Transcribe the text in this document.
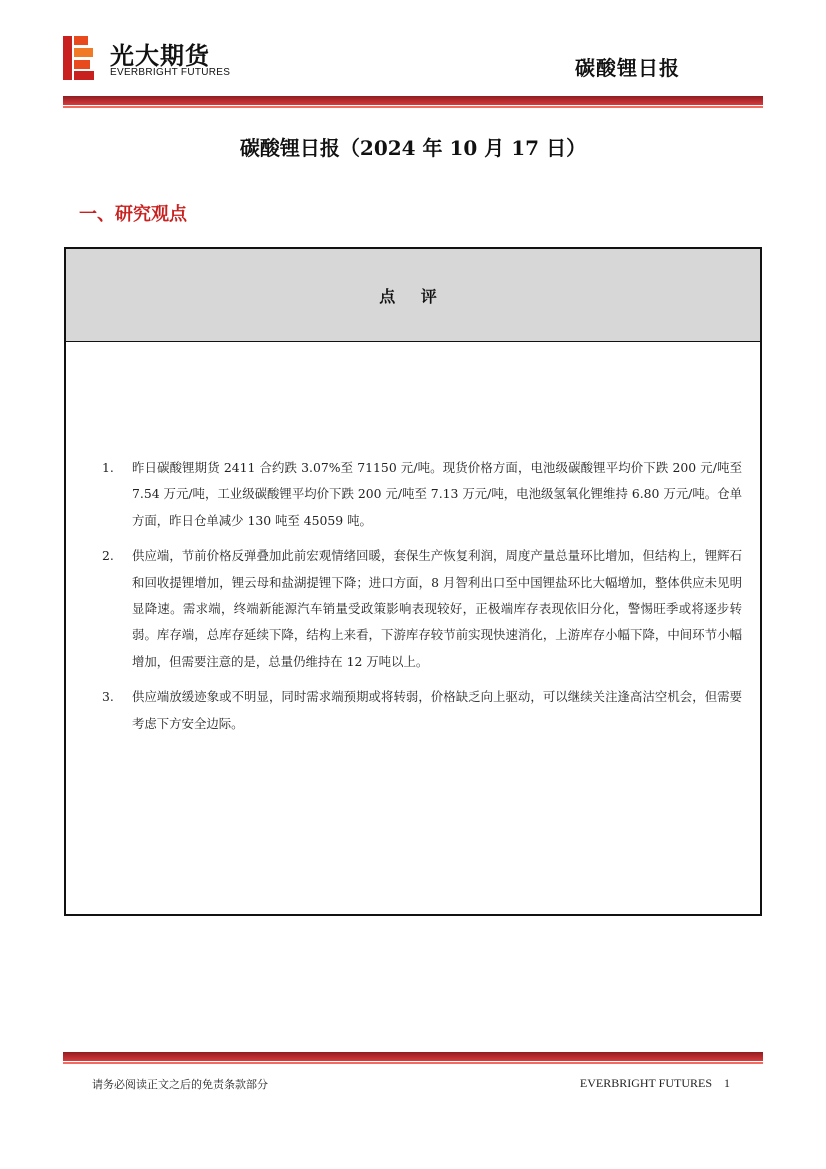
光大期货
EVERBRIGHT FUTURES	碳酸锂日报
碳酸锂日报（2024 年 10 月 17 日）
一、研究观点
点 评
1.	昨日碳酸锂期货 2411 合约跌 3.07%至 71150 元/吨。现货价格方面，电池级碳酸锂平均价下跌 200 元/吨至 7.54 万元/吨，工业级碳酸锂平均价下跌 200 元/吨至 7.13 万元/吨，电池级氢氧化锂维持 6.80 万元/吨。仓单方面，昨日仓单减少 130 吨至 45059 吨。
2.	供应端，节前价格反弹叠加此前宏观情绪回暖，套保生产恢复利润，周度产量总量环比增加，但结构上，锂辉石和回收提锂增加，锂云母和盐湖提锂下降；进口方面，8 月智利出口至中国锂盐环比大幅增加，整体供应未见明显降速。需求端，终端新能源汽车销量受政策影响表现较好，正极端库存表现依旧分化，警惕旺季或将逐步转弱。库存端，总库存延续下降，结构上来看，下游库存较节前实现快速消化，上游库存小幅下降，中间环节小幅增加，但需要注意的是，总量仍维持在 12 万吨以上。
3.	供应端放缓迹象或不明显，同时需求端预期或将转弱，价格缺乏向上驱动，可以继续关注逢高沽空机会，但需要考虑下方安全边际。
请务必阅读正文之后的免责条款部分	EVERBRIGHT FUTURES 1
